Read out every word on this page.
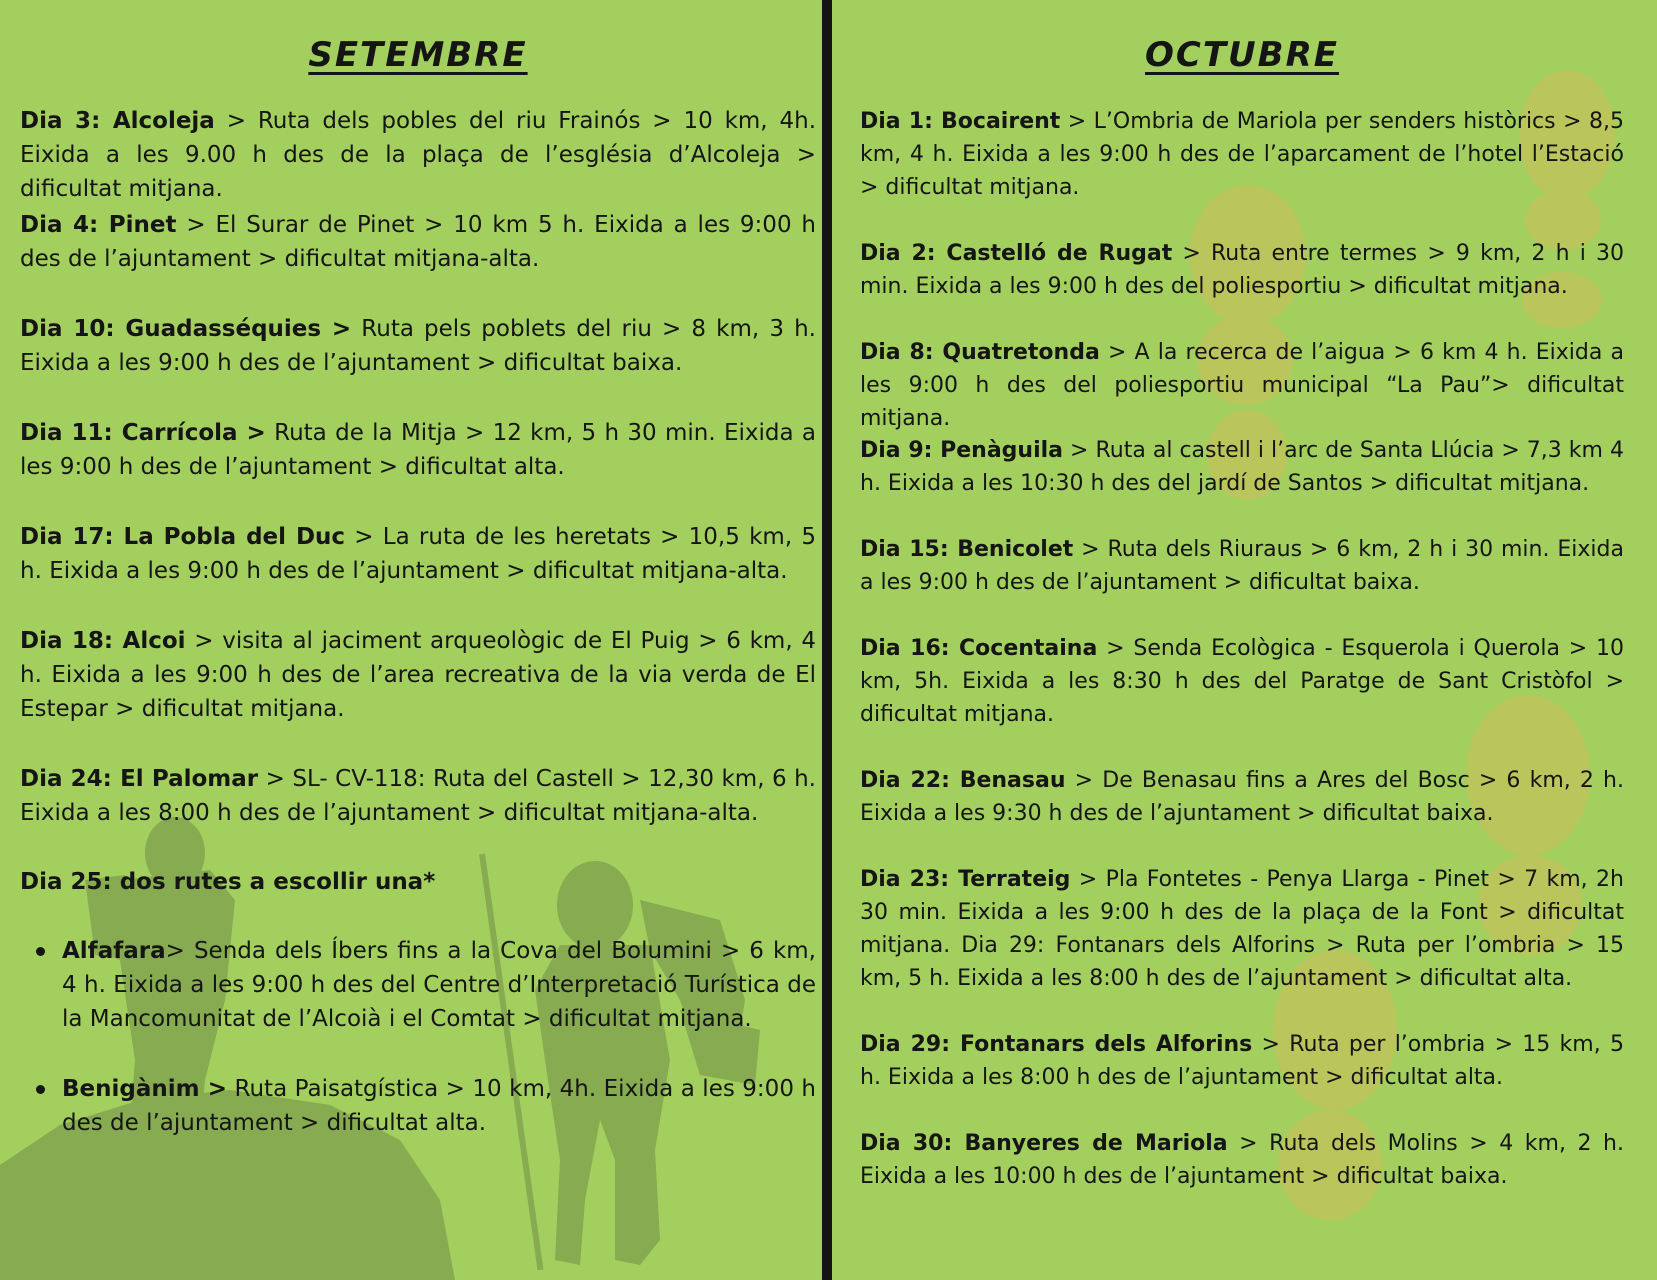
SETEMBRE

Dia 3: Alcoleja > Ruta dels pobles del riu Frainós > 10 km, 4h. Eixida a les 9.00 h des de la plaça de l’església d’Alcoleja > dificultat mitjana.

Dia 4: Pinet > El Surar de Pinet > 10 km 5 h. Eixida a les 9:00 h des de l’ajuntament > dificultat mitjana-alta.

Dia 10: Guadasséquies > Ruta pels poblets del riu > 8 km, 3 h. Eixida a les 9:00 h des de l’ajuntament > dificultat baixa.

Dia 11: Carrícola > Ruta de la Mitja > 12 km, 5 h 30 min. Eixida a les 9:00 h des de l’ajuntament > dificultat alta.

Dia 17: La Pobla del Duc > La ruta de les heretats > 10,5 km, 5 h. Eixida a les 9:00 h des de l’ajuntament > dificultat mitjana-alta.

Dia 18: Alcoi > visita al jaciment arqueològic de El Puig > 6 km, 4 h. Eixida a les 9:00 h des de l’area recreativa de la via verda de El Estepar > dificultat mitjana.

Dia 24: El Palomar > SL- CV-118: Ruta del Castell > 12,30 km, 6 h. Eixida a les 8:00 h des de l’ajuntament > dificultat mitjana-alta.

Dia 25: dos rutes a escollir una*

Alfafara> Senda dels Íbers fins a la Cova del Bolumini > 6 km, 4 h. Eixida a les 9:00 h des del Centre d’Interpretació Turística de la Mancomunitat de l’Alcoià i el Comtat > dificultat mitjana.
Benigànim > Ruta Paisatgística > 10 km, 4h. Eixida a les 9:00 h des de l’ajuntament > dificultat alta.
OCTUBRE

Dia 1: Bocairent > L’Ombria de Mariola per senders històrics > 8,5 km, 4 h. Eixida a les 9:00 h des de l’aparcament de l’hotel l’Estació > dificultat mitjana.

Dia 2: Castelló de Rugat > Ruta entre termes > 9 km, 2 h i 30 min. Eixida a les 9:00 h des del poliesportiu > dificultat mitjana.

Dia 8: Quatretonda > A la recerca de l’aigua > 6 km 4 h. Eixida a les 9:00 h des del poliesportiu municipal “La Pau”> dificultat mitjana.

Dia 9: Penàguila > Ruta al castell i l’arc de Santa Llúcia > 7,3 km 4 h. Eixida a les 10:30 h des del jardí de Santos > dificultat mitjana.

Dia 15: Benicolet > Ruta dels Riuraus > 6 km, 2 h i 30 min. Eixida a les 9:00 h des de l’ajuntament > dificultat baixa.

Dia 16: Cocentaina > Senda Ecològica - Esquerola i Querola > 10 km, 5h. Eixida a les 8:30 h des del Paratge de Sant Cristòfol > dificultat mitjana.

Dia 22: Benasau > De Benasau fins a Ares del Bosc > 6 km, 2 h. Eixida a les 9:30 h des de l’ajuntament > dificultat baixa.

Dia 23: Terrateig > Pla Fontetes - Penya Llarga - Pinet > 7 km, 2h 30 min. Eixida a les 9:00 h des de la plaça de la Font > dificultat mitjana. Dia 29: Fontanars dels Alforins > Ruta per l’ombria > 15 km, 5 h. Eixida a les 8:00 h des de l’ajuntament > dificultat alta.

Dia 29: Fontanars dels Alforins > Ruta per l’ombria > 15 km, 5 h. Eixida a les 8:00 h des de l’ajuntament > dificultat alta.

Dia 30: Banyeres de Mariola > Ruta dels Molins > 4 km, 2 h. Eixida a les 10:00 h des de l’ajuntament > dificultat baixa.
